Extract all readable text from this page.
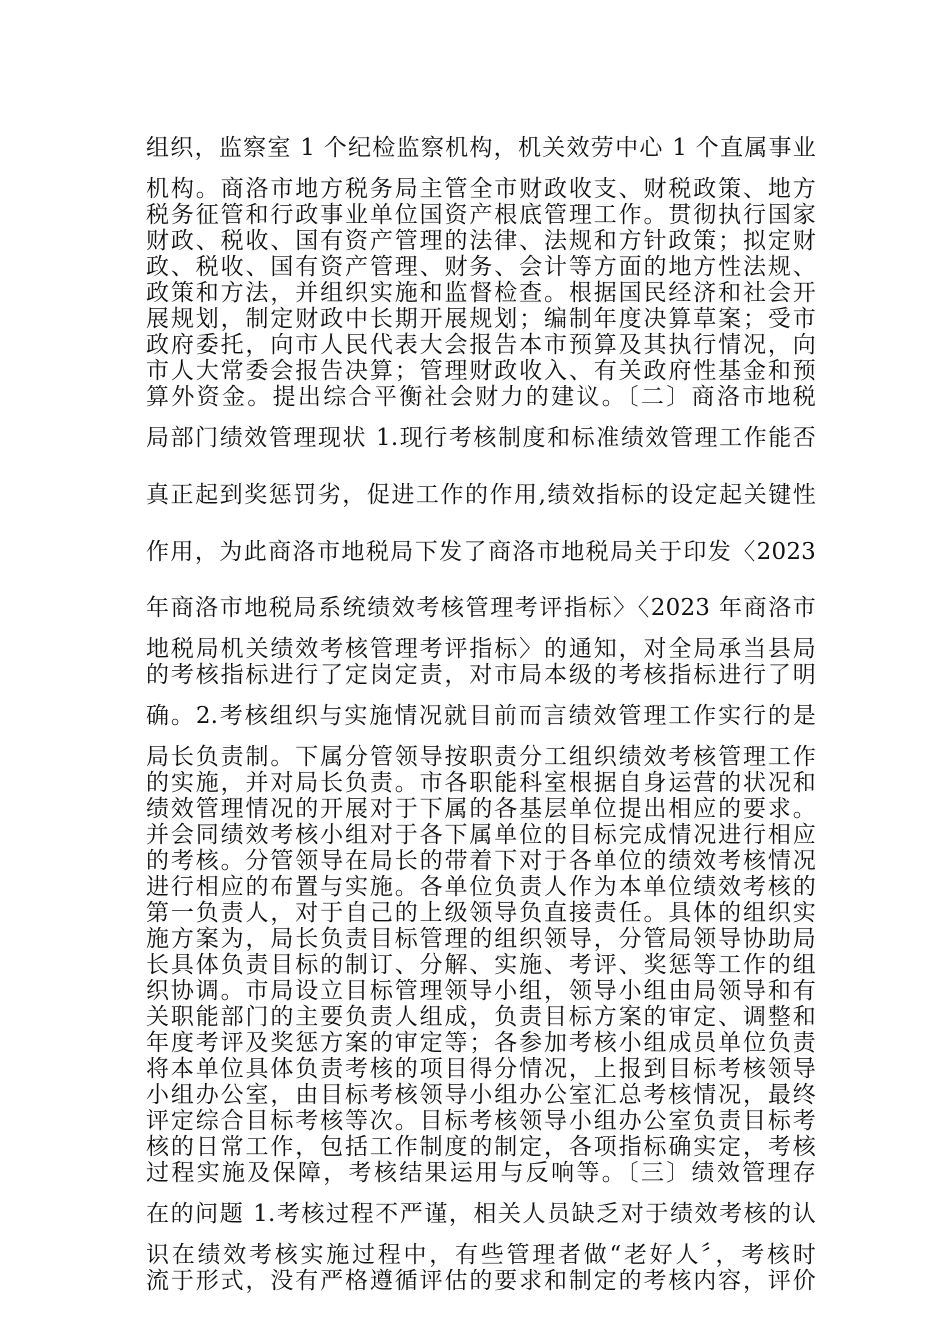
组织，监察室 1 个纪检监察机构，机关效劳中心 1 个直属事业
机构。商洛市地方税务局主管全市财政收支、财税政策、地方
税务征管和行政事业单位国资产根底管理工作。贯彻执行国家
财政、税收、国有资产管理的法律、法规和方针政策；拟定财
政、税收、国有资产管理、财务、会计等方面的地方性法规、
政策和方法，并组织实施和监督检查。根据国民经济和社会开
展规划，制定财政中长期开展规划；编制年度决算草案；受市
政府委托，向市人民代表大会报告本市预算及其执行情况，向
市人大常委会报告决算；管理财政收入、有关政府性基金和预
算外资金。提出综合平衡社会财力的建议。〔二〕商洛市地税
局部门绩效管理现状 1.现行考核制度和标准绩效管理工作能否
真正起到奖惩罚劣，促进工作的作用,绩效指标的设定起关键性
作用，为此商洛市地税局下发了商洛市地税局关于印发〈2023
年商洛市地税局系统绩效考核管理考评指标〉〈2023 年商洛市
地税局机关绩效考核管理考评指标〉的通知，对全局承当县局
的考核指标进行了定岗定责，对市局本级的考核指标进行了明
确。2.考核组织与实施情况就目前而言绩效管理工作实行的是
局长负责制。下属分管领导按职责分工组织绩效考核管理工作
的实施，并对局长负责。市各职能科室根据自身运营的状况和
绩效管理情况的开展对于下属的各基层单位提出相应的要求。
并会同绩效考核小组对于各下属单位的目标完成情况进行相应
的考核。分管领导在局长的带着下对于各单位的绩效考核情况
进行相应的布置与实施。各单位负责人作为本单位绩效考核的
第一负责人，对于自己的上级领导负直接责任。具体的组织实
施方案为，局长负责目标管理的组织领导，分管局领导协助局
长具体负责目标的制订、分解、实施、考评、奖惩等工作的组
织协调。市局设立目标管理领导小组，领导小组由局领导和有
关职能部门的主要负责人组成，负责目标方案的审定、调整和
年度考评及奖惩方案的审定等；各参加考核小组成员单位负责
将本单位具体负责考核的项目得分情况，上报到目标考核领导
小组办公室，由目标考核领导小组办公室汇总考核情况，最终
评定综合目标考核等次。目标考核领导小组办公室负责目标考
核的日常工作，包括工作制度的制定，各项指标确实定，考核
过程实施及保障，考核结果运用与反响等。〔三〕绩效管理存
在的问题 1.考核过程不严谨，相关人员缺乏对于绩效考核的认
识在绩效考核实施过程中，有些管理者做“老好人〞，考核时
流于形式，没有严格遵循评估的要求和制定的考核内容，评价
